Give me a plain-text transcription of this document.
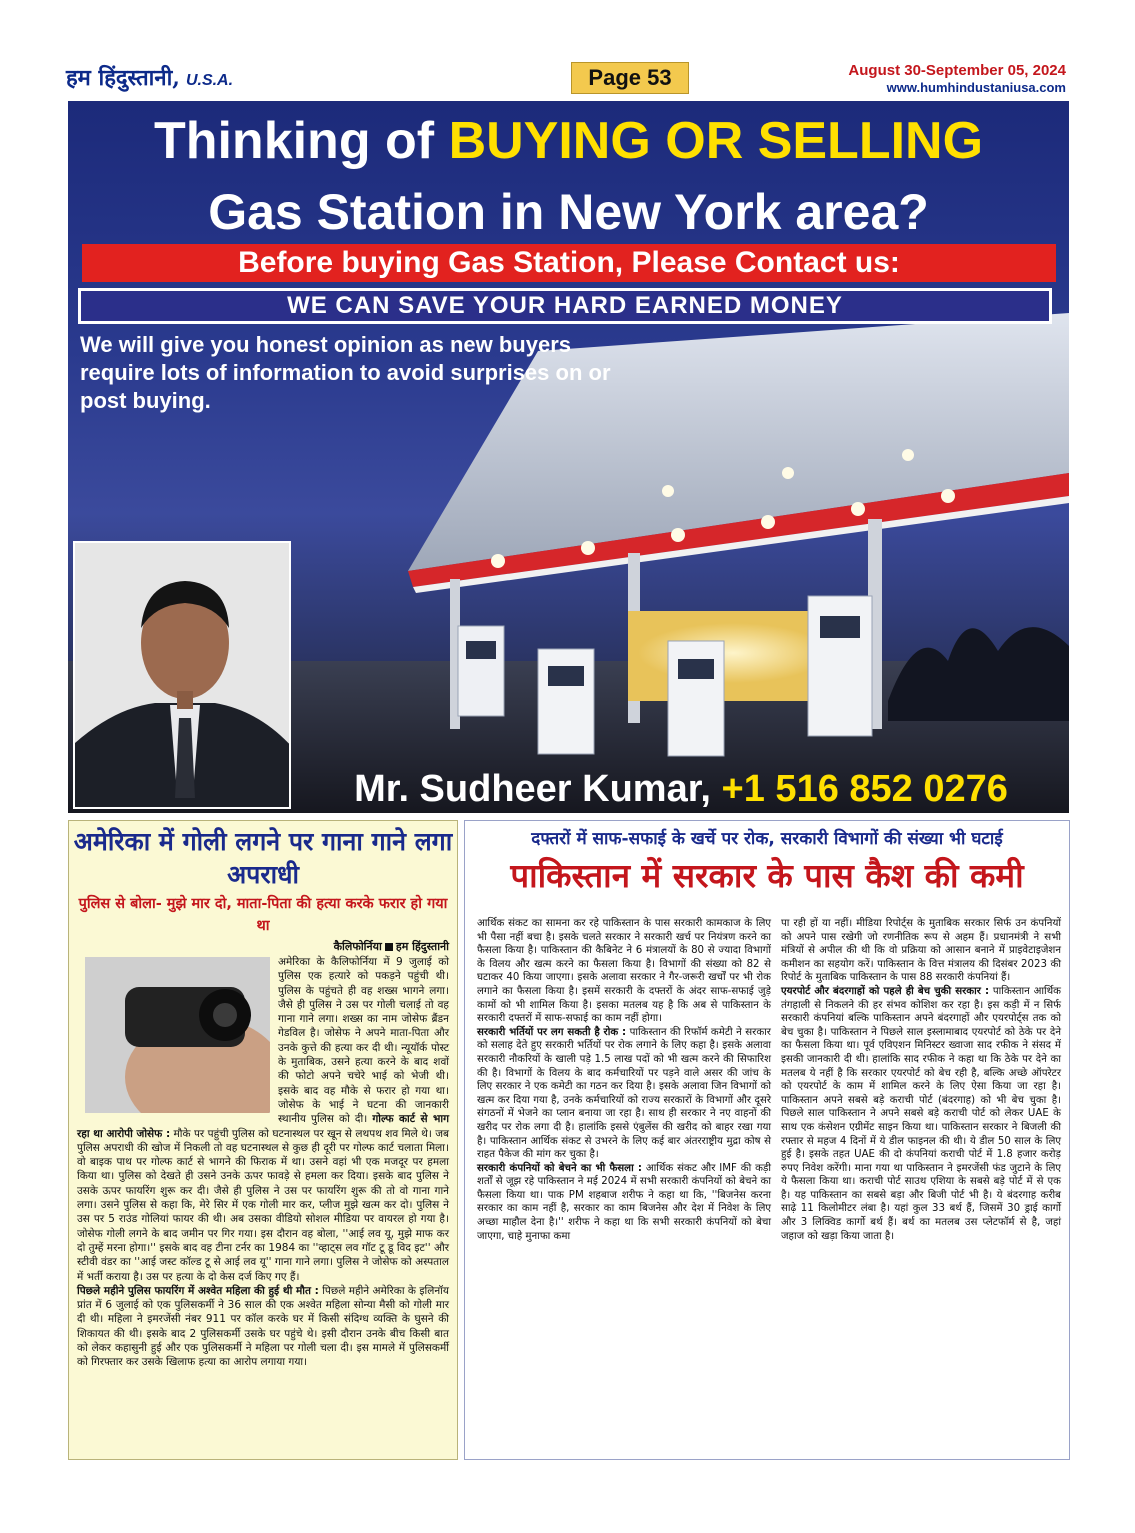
हम हिंदुस्तानी, U.S.A.	Page 53	August 30-September 05, 2024
www.humhindustaniusa.com
Thinking of BUYING OR SELLING
Gas Station in New York area?
Before buying Gas Station, Please Contact us:
WE CAN SAVE YOUR HARD EARNED MONEY
We will give you honest opinion as new buyers require lots of information to avoid surprises on or post buying.
Mr. Sudheer Kumar, +1 516 852 0276
अमेरिका में गोली लगने पर गाना गाने लगा अपराधी
पुलिस से बोला- मुझे मार दो, माता-पिता की हत्या करके फरार हो गया था
कैलिफोर्निया हम हिंदुस्तानी

अमेरिका के कैलिफोर्निया में 9 जुलाई को पुलिस एक हत्यारे को पकड़ने पहुंची थी। पुलिस के पहुंचते ही वह शख्स भागने लगा। जैसे ही पुलिस ने उस पर गोली चलाई तो वह गाना गाने लगा। शख्स का नाम जोसेफ ब्रैंडन गेडविल है। जोसेफ ने अपने माता-पिता और उनके कुत्ते की हत्या कर दी थी। न्यूयॉर्क पोस्ट के मुताबिक, उसने हत्या करने के बाद शवों की फोटो अपने चचेरे भाई को भेजी थी। इसके बाद वह मौके से फरार हो गया था। जोसेफ के भाई ने घटना की जानकारी स्थानीय पुलिस को दी। गोल्फ कार्ट से भाग रहा था आरोपी जोसेफ : मौके पर पहुंची पुलिस को घटनास्थल पर खून से लथपथ शव मिले थे। जब पुलिस अपराधी की खोज में निकली तो वह घटनास्थल से कुछ ही दूरी पर गोल्फ कार्ट चलाता मिला। वो बाइक पाथ पर गोल्फ कार्ट से भागने की फिराक में था। उसने वहां भी एक मजदूर पर हमला किया था। पुलिस को देखते ही उसने उनके ऊपर फावड़े से हमला कर दिया। इसके बाद पुलिस ने उसके ऊपर फायरिंग शुरू कर दी। जैसे ही पुलिस ने उस पर फायरिंग शुरू की तो वो गाना गाने लगा। उसने पुलिस से कहा कि, मेरे सिर में एक गोली मार कर, प्लीज मुझे खत्म कर दो। पुलिस ने उस पर 5 राउंड गोलियां फायर की थी। अब उसका वीडियो सोशल मीडिया पर वायरल हो गया है। जोसेफ गोली लगने के बाद जमीन पर गिर गया। इस दौरान वह बोला, ''आई लव यू, मुझे माफ कर दो तुम्हें मरना होगा।'' इसके बाद वह टीना टर्नर का 1984 का ''व्हाट्स लव गॉट टू डू विद इट'' और स्टीवी वंडर का ''आई जस्ट कॉल्ड टू से आई लव यू'' गाना गाने लगा। पुलिस ने जोसेफ को अस्पताल में भर्ती कराया है। उस पर हत्या के दो केस दर्ज किए गए हैं।
पिछले महीने पुलिस फायरिंग में अश्वेत महिला की हुई थी मौत : पिछले महीने अमेरिका के इलिनॉय प्रांत में 6 जुलाई को एक पुलिसकर्मी ने 36 साल की एक अश्वेत महिला सोन्या मैसी को गोली मार दी थी। महिला ने इमरजेंसी नंबर 911 पर कॉल करके घर में किसी संदिग्ध व्यक्ति के घुसने की शिकायत की थी। इसके बाद 2 पुलिसकर्मी उसके घर पहुंचे थे। इसी दौरान उनके बीच किसी बात को लेकर कहासुनी हुई और एक पुलिसकर्मी ने महिला पर गोली चला दी। इस मामले में पुलिसकर्मी को गिरफ्तार कर उसके खिलाफ हत्या का आरोप लगाया गया।

दफ्तरों में साफ-सफाई के खर्चे पर रोक, सरकारी विभागों की संख्या भी घटाई
पाकिस्तान में सरकार के पास कैश की कमी
आर्थिक संकट का सामना कर रहे पाकिस्तान के पास सरकारी कामकाज के लिए भी पैसा नहीं बचा है। इसके चलते सरकार ने सरकारी खर्च पर नियंत्रण करने का फैसला किया है। पाकिस्तान की कैबिनेट ने 6 मंत्रालयों के 80 से ज्यादा विभागों के विलय और खत्म करने का फैसला किया है। विभागों की संख्या को 82 से घटाकर 40 किया जाएगा। इसके अलावा सरकार ने गैर-जरूरी खर्चों पर भी रोक लगाने का फैसला किया है। इसमें सरकारी के दफ्तरों के अंदर साफ-सफाई जुड़े कामों को भी शामिल किया है। इसका मतलब यह है कि अब से पाकिस्तान के सरकारी दफ्तरों में साफ-सफाई का काम नहीं होगा।
सरकारी भर्तियों पर लग सकती है रोक : पाकिस्तान की रिफॉर्म कमेटी ने सरकार को सलाह देते हुए सरकारी भर्तियों पर रोक लगाने के लिए कहा है। इसके अलावा सरकारी नौकरियों के खाली पड़े 1.5 लाख पदों को भी खत्म करने की सिफारिश की है। विभागों के विलय के बाद कर्मचारियों पर पड़ने वाले असर की जांच के लिए सरकार ने एक कमेटी का गठन कर दिया है। इसके अलावा जिन विभागों को खत्म कर दिया गया है, उनके कर्मचारियों को राज्य सरकारों के विभागों और दूसरे संगठनों में भेजने का प्लान बनाया जा रहा है। साथ ही सरकार ने नए वाहनों की खरीद पर रोक लगा दी है। हालांकि इससे एंबुलेंस की खरीद को बाहर रखा गया है। पाकिस्तान आर्थिक संकट से उभरने के लिए कई बार अंतरराष्ट्रीय मुद्रा कोष से राहत पैकेज की मांग कर चुका है।
सरकारी कंपनियों को बेचने का भी फैसला : आर्थिक संकट और IMF की कड़ी शर्तों से जूझ रहे पाकिस्तान ने मई 2024 में सभी सरकारी कंपनियों को बेचने का फैसला किया था। पाक PM शहबाज शरीफ ने कहा था कि, ''बिजनेस करना सरकार का काम नहीं है, सरकार का काम बिजनेस और देश में निवेश के लिए अच्छा माहौल देना है।'' शरीफ ने कहा था कि सभी सरकारी कंपनियों को बेचा जाएगा, चाहे मुनाफा कमा
पा रही हों या नहीं। मीडिया रिपोर्ट्स के मुताबिक सरकार सिर्फ उन कंपनियों को अपने पास रखेगी जो रणनीतिक रूप से अहम हैं। प्रधानमंत्री ने सभी मंत्रियों से अपील की थी कि वो प्रक्रिया को आसान बनाने में प्राइवेटाइजेशन कमीशन का सहयोग करें। पाकिस्तान के वित्त मंत्रालय की दिसंबर 2023 की रिपोर्ट के मुताबिक पाकिस्तान के पास 88 सरकारी कंपनियां हैं।
एयरपोर्ट और बंदरगाहों को पहले ही बेच चुकी सरकार : पाकिस्तान आर्थिक तंगहाली से निकलने की हर संभव कोशिश कर रहा है। इस कड़ी में न सिर्फ सरकारी कंपनियां बल्कि पाकिस्तान अपने बंदरगाहों और एयरपोर्ट्स तक को बेच चुका है। पाकिस्तान ने पिछले साल इस्लामाबाद एयरपोर्ट को ठेके पर देने का फैसला किया था। पूर्व एविएशन मिनिस्टर ख्वाजा साद रफीक ने संसद में इसकी जानकारी दी थी। हालांकि साद रफीक ने कहा था कि ठेके पर देने का मतलब ये नहीं है कि सरकार एयरपोर्ट को बेच रही है, बल्कि अच्छे ऑपरेटर को एयरपोर्ट के काम में शामिल करने के लिए ऐसा किया जा रहा है। पाकिस्तान अपने सबसे बड़े कराची पोर्ट (बंदरगाह) को भी बेच चुका है। पिछले साल पाकिस्तान ने अपने सबसे बड़े कराची पोर्ट को लेकर UAE के साथ एक कंसेशन एग्रीमेंट साइन किया था। पाकिस्तान सरकार ने बिजली की रफ्तार से महज 4 दिनों में ये डील फाइनल की थी। ये डील 50 साल के लिए हुई है। इसके तहत UAE की दो कंपनियां कराची पोर्ट में 1.8 हजार करोड़ रुपए निवेश करेंगी। माना गया था पाकिस्तान ने इमरजेंसी फंड जुटाने के लिए ये फैसला किया था। कराची पोर्ट साउथ एशिया के सबसे बड़े पोर्ट में से एक है। यह पाकिस्तान का सबसे बड़ा और बिजी पोर्ट भी है। ये बंदरगाह करीब साढ़े 11 किलोमीटर लंबा है। यहां कुल 33 बर्थ हैं, जिसमें 30 ड्राई कार्गो और 3 लिक्विड कार्गो बर्थ हैं। बर्थ का मतलब उस प्लेटफॉर्म से है, जहां जहाज को खड़ा किया जाता है।
